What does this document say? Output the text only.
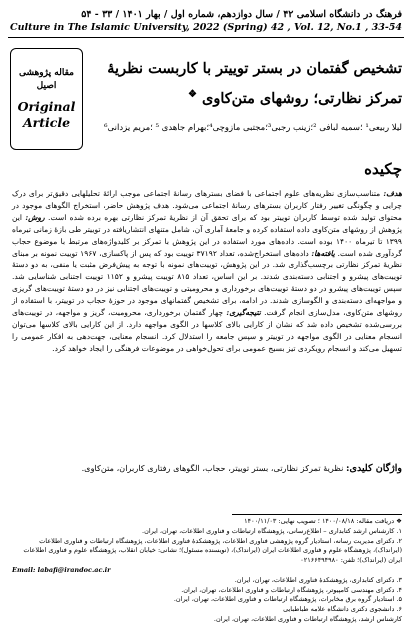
فرهنگ در دانشگاه اسلامی ۴۲ / سال دوازدهم، شماره اول / بهار ۱۴۰۱ / ۳۳ - ۵۴
Culture in The Islamic University, 2022 (Spring) 42 , Vol. 12, No.1 , 33-54
مقاله پژوهشی اصیل
Original
Article
تشخیص گفتمان در بستر توییتر با کاربست نظریهٔ تمرکز نظارتی؛ روشهای متن‌کاوی ❖
لیلا ربیعی¹ ؛سمیه لبافی ²؛زینب رجبی³؛مجتبی مازوچی⁴؛بهرام جاهدی ⁵ ؛مریم یزدانی⁶
چکیده
هدف: متناسب‌سازی نظریه‌های علوم اجتماعی با فضای بسترهای رسانهٔ اجتماعی موجب ارائهٔ تحلیلهایی دقیق‌تر برای درک چرایی و چگونگی تغییر رفتار کاربران بسترهای رسانهٔ اجتماعی می‌شود. هدف پژوهش حاضر، استخراج الگوهای موجود در محتوای تولید شده توسط کاربران توییتر بود که برای تحقق آن از نظریهٔ تمرکز نظارتی بهره برده شده است. روش: این پژوهش از روشهای متن‌کاوی داده استفاده کرده و جامعهٔ آماری آن، شامل متنهای انتشاریافته در توییتر طی بازهٔ زمانی تیرماه ۱۳۹۹ تا تیرماه ۱۴۰۰ بوده است. داده‌های مورد استفاده در این پژوهش با تمرکز بر کلیدواژه‌های مرتبط با موضوع حجاب گردآوری شده است. یافته‌ها: داده‌های استخراج‌شده، تعداد ۳۷۱۹۲ توییت بود که پس از پاکسازی، ۱۹۶۷ توییت نمونه بر مبنای نظریهٔ تمرکز نظارتی برچسب‌گذاری شد. در این پژوهش، توییت‌های نمونه با توجه به پیش‌فرض مثبت یا منفی، به دو دستهٔ توییت‌های پیشرو و اجتنابی دسته‌بندی شدند. بر این اساس، تعداد ۸۱۵ توییت پیشرو و ۱۱۵۲ توییت اجتنابی شناسایی شد. سپس توییت‌های پیشرو در دو دستهٔ توییت‌های برخورداری و محرومیتی و توییت‌های اجتنابی نیز در دو دستهٔ توییت‌های گریزی و مواجهه‌ای دسته‌بندی و الگوسازی شدند. در ادامه، برای تشخیص گفتمانهای موجود در حوزهٔ حجاب در توییتر، با استفاده از روشهای متن‌کاوی، مدل‌سازی انجام گرفت. نتیجه‌گیری: چهار گفتمان برخورداری، محرومیت، گریز و مواجهه، در توییت‌های بررسی‌شده تشخیص داده شد که نشان از کارایی بالای کلاسها در الگوی مواجهه دارد. از این کارایی بالای کلاسها می‌توان انسجام معنایی در الگوی مواجهه در توییتر و سپس جامعه را استدلال کرد. انسجام معنایی، جهت‌دهی به افکار عمومی را تسهیل می‌کند و انسجام رویکردی تیز بسیج عمومی برای تحول‌خواهی در موضوعات فرهنگی را ایجاد خواهد کرد.
واژگان کلیدی: نظریهٔ تمرکز نظارتی، بستر توییتر، حجاب، الگوهای رفتاری کاربران، متن‌کاوی.
❖ دریافت مقاله: ۱۴۰۰/۰۸/۱۸ ؛ تصویب نهایی: ۱۴۰۰/۱۱/۰۳
۱. کارشناس ارشد کتابداری – اطلاع‌رسانی، پژوهشگاه ارتباطات و فناوری اطلاعات، تهران، ایران.
۲. دکترای مدیریت رسانه، استادیار گروه پژوهشی فناوری اطلاعات، پژوهشکدهٔ فناوری اطلاعات، پژوهشگاه ارتباطات و فناوری اطلاعات (ایرانداک)، پژوهشگاه علوم و فناوری اطلاعات ایران (ایرانداک)، (نویسنده مسئول)؛ نشانی: خیابان انقلاب، پژوهشگاه علوم و فناوری اطلاعات ایران (ایرانداک)؛ تلفن: ۰۲۱۶۶۴۹۴۹۸۰
Email: labafi@irandoc.ac.ir
۳. دکترای کتابداری، پژوهشکدهٔ فناوری اطلاعات، تهران، ایران.
۴. دکترای مهندسی کامپیوتر، پژوهشگاه ارتباطات و فناوری اطلاعات، تهران، ایران.
۵. استادیار گروه برق مخابرات، پژوهشگاه ارتباطات و فناوری اطلاعات، تهران، ایران.
۶. دانشجوی دکتری دانشگاه علامه طباطبایی
کارشناس ارشد، پژوهشگاه ارتباطات و فناوری اطلاعات، تهران، ایران.
